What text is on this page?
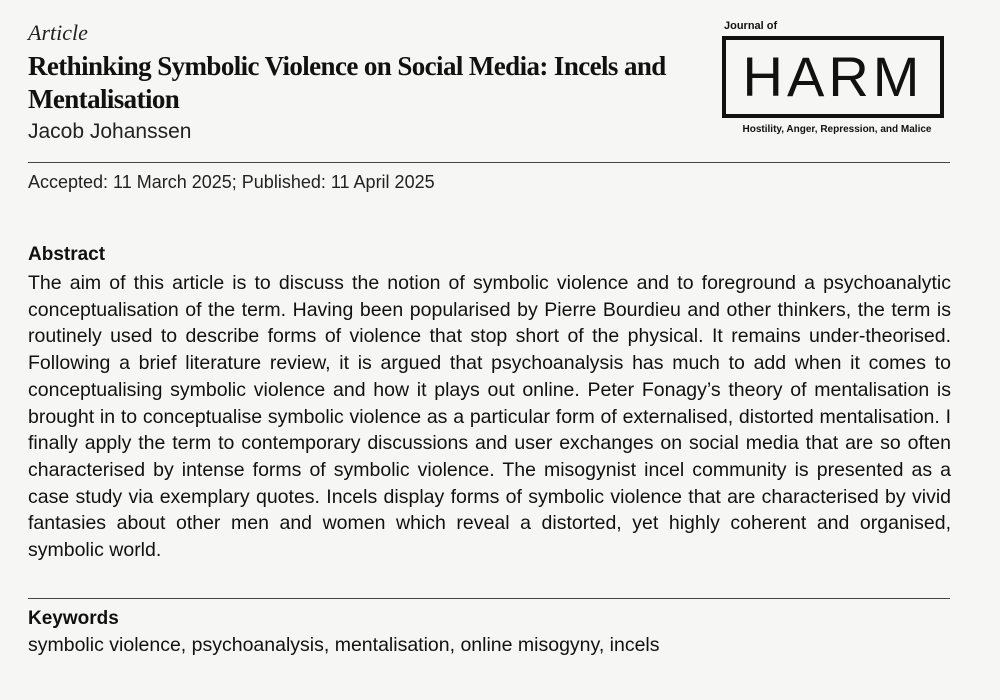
Article
Rethinking Symbolic Violence on Social Media: Incels and Mentalisation
Jacob Johanssen
Journal of
HARM
Hostility, Anger, Repression, and Malice
Accepted: 11 March 2025; Published: 11 April 2025
Abstract
The aim of this article is to discuss the notion of symbolic violence and to foreground a psychoanalytic conceptualisation of the term. Having been popularised by Pierre Bourdieu and other thinkers, the term is routinely used to describe forms of violence that stop short of the physical. It remains under-theorised. Following a brief literature review, it is argued that psychoanalysis has much to add when it comes to conceptualising symbolic violence and how it plays out online. Peter Fonagy’s theory of mentalisation is brought in to conceptualise symbolic violence as a particular form of externalised, distorted mentalisation. I finally apply the term to contemporary discussions and user exchanges on social media that are so often characterised by intense forms of symbolic violence. The misogynist incel community is presented as a case study via exemplary quotes. Incels display forms of symbolic violence that are characterised by vivid fantasies about other men and women which reveal a distorted, yet highly coherent and organised, symbolic world.
Keywords
symbolic violence, psychoanalysis, mentalisation, online misogyny, incels
